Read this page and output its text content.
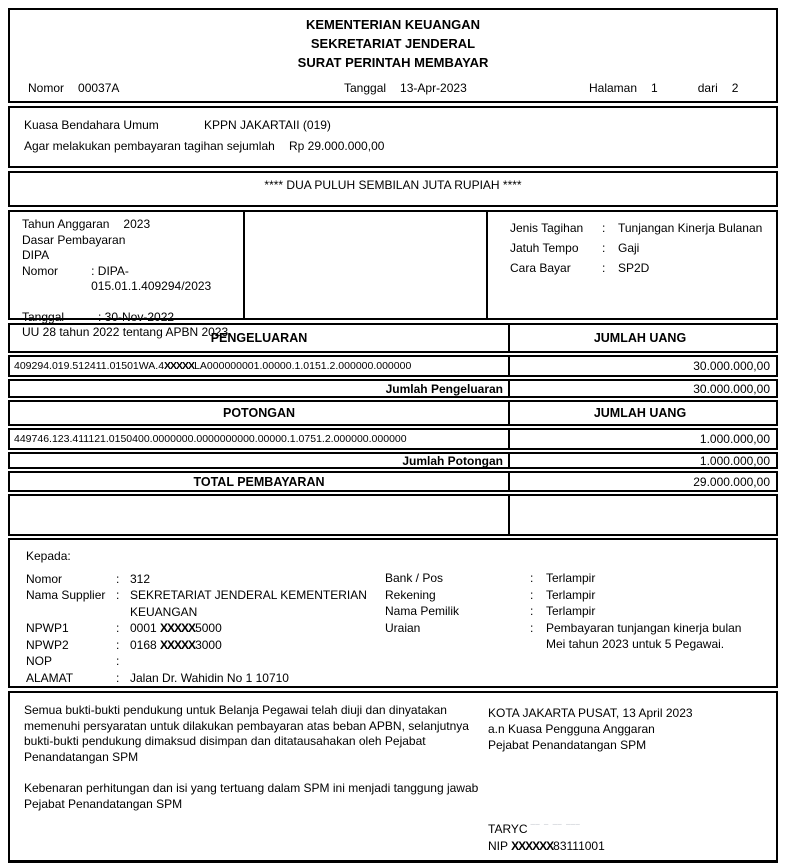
KEMENTERIAN KEUANGAN
SEKRETARIAT JENDERAL
SURAT PERINTAH MEMBAYAR
Nomor 00037A	Tanggal 13-Apr-2023	Halaman 1	dari 2
Kuasa Bendahara Umum	KPPN JAKARTAII (019)
Agar melakukan pembayaran tagihan sejumlah	Rp 29.000.000,00
**** DUA PULUH SEMBILAN JUTA RUPIAH ****
Tahun Anggaran 2023
Dasar Pembayaran
DIPA
Nomor	: DIPA-015.01.1.409294/2023
Tanggal	: 30-Nov-2022
UU 28 tahun 2022 tentang APBN 2023
Jenis Tagihan	:	Tunjangan Kinerja Bulanan
Jatuh Tempo	:	Gaji
Cara Bayar	:	SP2D
PENGELUARAN	JUMLAH UANG
409294.019.512411.01501WA.4 XXXXX LA000000001.00000.1.0151.2.000000.000000	30.000.000,00
Jumlah Pengeluaran	30.000.000,00
POTONGAN	JUMLAH UANG
449746.123.411121.0150400.0000000.0000000000.00000.1.0751.2.000000.000000	1.000.000,00
Jumlah Potongan	1.000.000,00
TOTAL PEMBAYARAN	29.000.000,00
Kepada:
Nomor	: 312
Nama Supplier : SEKRETARIAT JENDERAL KEMENTERIAN KEUANGAN
NPWP1	: 0001 XXXXX5000
NPWP2	: 0168 XXXXX3000
NOP	:
ALAMAT	: Jalan Dr. Wahidin No 1 10710
Bank / Pos	:	Terlampir
Rekening	:	Terlampir
Nama Pemilik	:	Terlampir
Uraian	:	Pembayaran tunjangan kinerja bulan Mei tahun 2023 untuk 5 Pegawai.
Semua bukti-bukti pendukung untuk Belanja Pegawai telah diuji dan dinyatakan memenuhi persyaratan untuk dilakukan pembayaran atas beban APBN, selanjutnya bukti-bukti pendukung dimaksud disimpan dan ditatausahakan oleh Pejabat Penandatangan SPM
Kebenaran perhitungan dan isi yang tertuang dalam SPM ini menjadi tanggung jawab Pejabat Penandatangan SPM
KOTA JAKARTA PUSAT, 13 April 2023
a.n Kuasa Pengguna Anggaran
Pejabat Penandatangan SPM
TARYC ‾‾ ‾ ‾‾ ‾‾‾
NIP XXXXXX83111001
